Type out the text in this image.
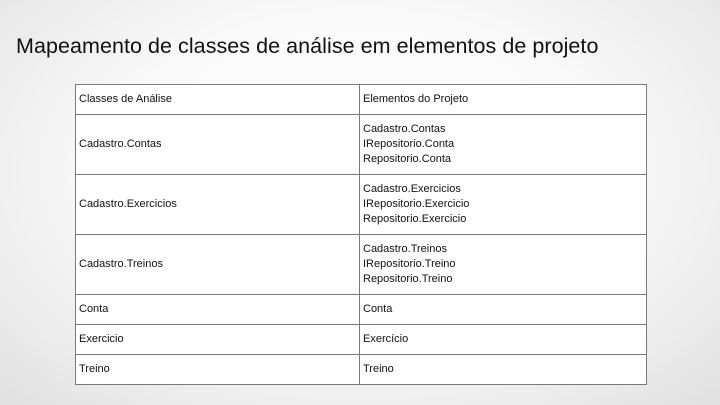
Mapeamento de classes de análise em elementos de projeto
Classes de Análise	Elementos do Projeto
Cadastro.Contas	Cadastro.Contas
IRepositorio.Conta
Repositorio.Conta

Cadastro.Exercicios	Cadastro.Exercicios
IRepositorio.Exercicio
Repositorio.Exercicio

Cadastro.Treinos	Cadastro.Treinos
IRepositorio.Treino
Repositorio.Treino

Conta	Conta
Exercicio	Exercício
Treino	Treino
